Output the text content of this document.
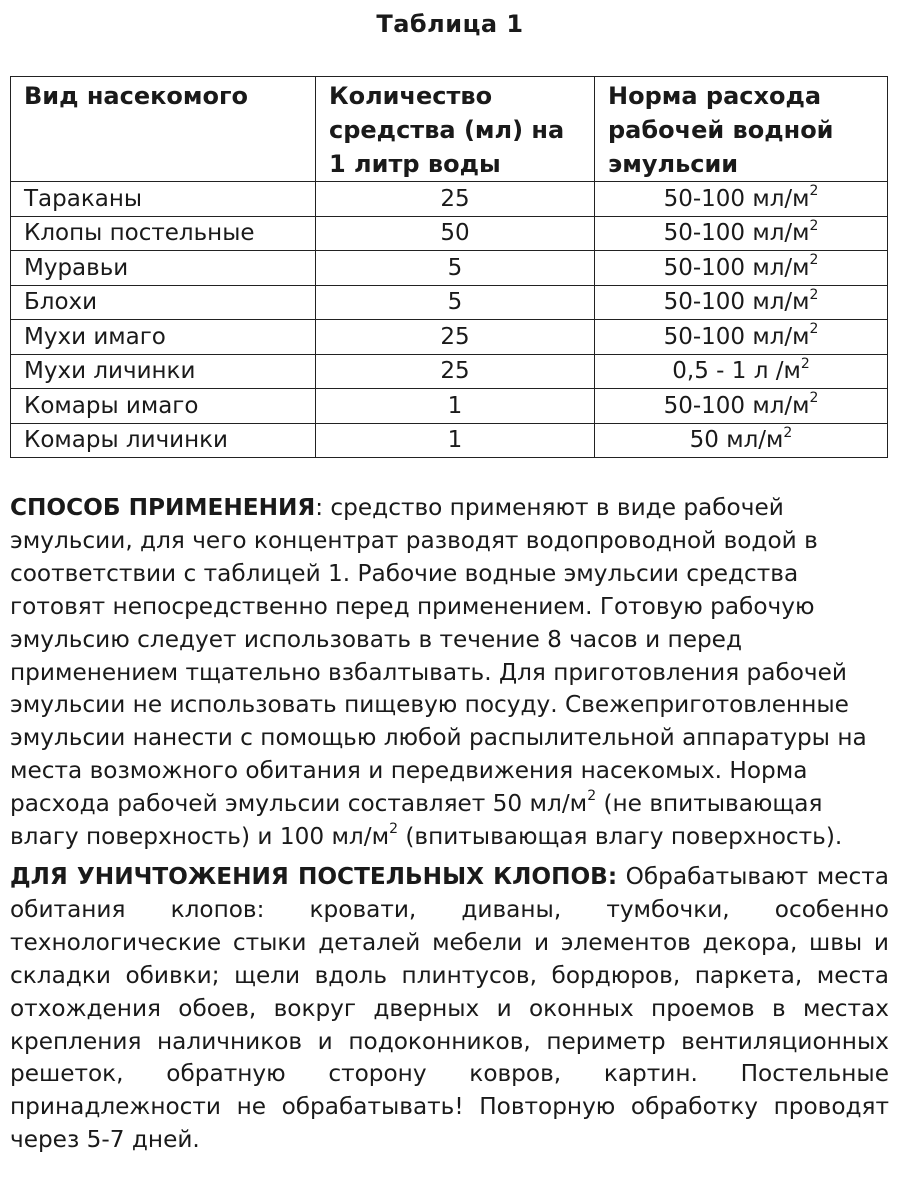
Таблица 1
Вид насекомого	Количество средства (мл) на 1 литр воды	Норма расхода рабочей водной эмульсии
Тараканы	25	50-100 $мл/м^2$
Клопы постельные	50	50-100 $мл/м^2$
Муравьи	5	50-100 $мл/м^2$
Блохи	5	50-100 $мл/м^2$
Мухи имаго	25	50-100 $мл/м^2$
Мухи личинки	25	0,5 - 1 л $/м^2$
Комары имаго	1	50-100 $мл/м^2$
Комары личинки	1	50 $мл/м^2$

СПОСОБ ПРИМЕНЕНИЯ: средство применяют в виде рабочей эмульсии, для чего концентрат разводят водопроводной водой в соответствии с таблицей 1. Рабочие водные эмульсии средства готовят непосредственно перед применением. Готовую рабочую эмульсию следует использовать в течение 8 часов и перед применением тщательно взбалтывать. Для приготовления рабочей эмульсии не использовать пищевую посуду. Свежеприготовленные эмульсии нанести с помощью любой распылительной аппаратуры на места возможного обитания и передвижения насекомых. Норма расхода рабочей эмульсии составляет 50 $мл/м^2$ (не впитывающая влагу поверхность) и 100 $мл/м^2$ (впитывающая влагу поверхность).

ДЛЯ УНИЧТОЖЕНИЯ ПОСТЕЛЬНЫХ КЛОПОВ: Обрабатывают места обитания клопов: кровати, диваны, тумбочки, особенно технологические стыки деталей мебели и элементов декора, швы и складки обивки; щели вдоль плинтусов, бордюров, паркета, места отхождения обоев, вокруг дверных и оконных проемов в местах крепления наличников и подоконников, периметр вентиляционных решеток, обратную сторону ковров, картин. Постельные принадлежности не обрабатывать! Повторную обработку проводят через 5-7 дней.
